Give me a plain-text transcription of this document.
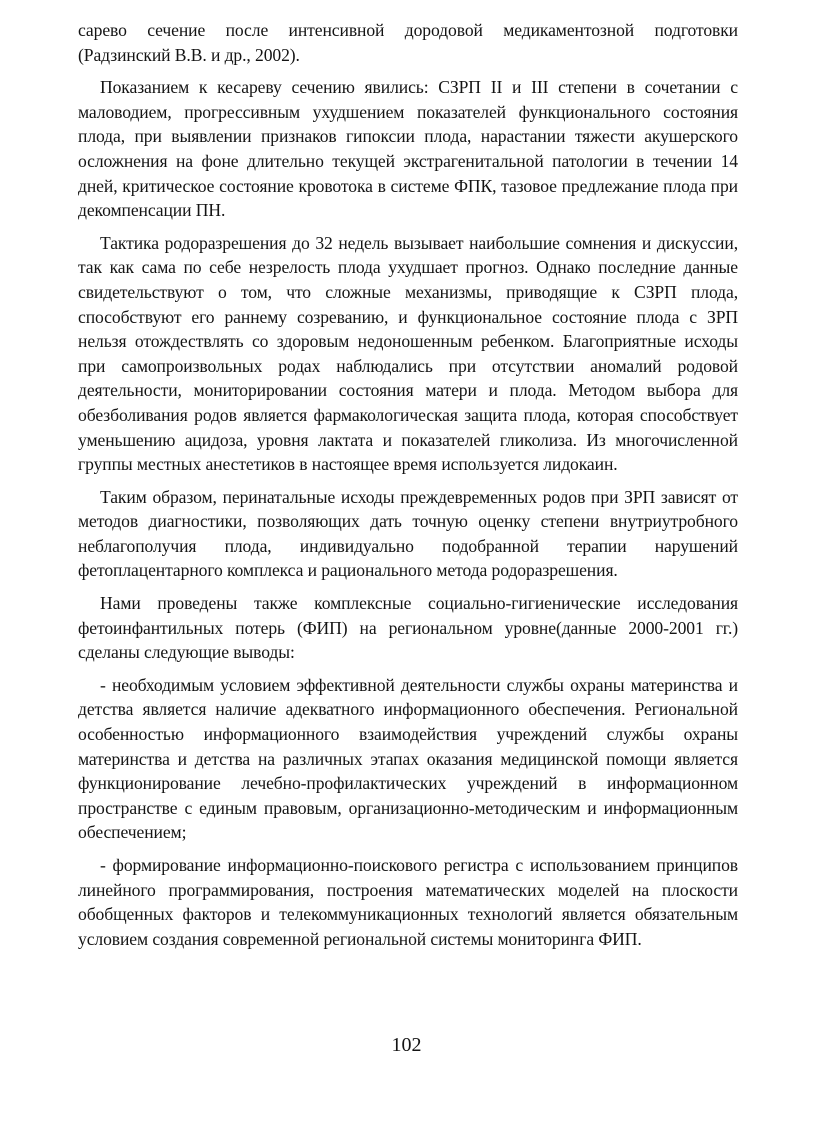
сарево сечение после интенсивной дородовой медикаментозной подготовки (Радзинский В.В. и др., 2002).

Показанием к кесареву сечению явились: СЗРП II и III степени в сочетании с маловодием, прогрессивным ухудшением показателей функционального состояния плода, при выявлении признаков гипоксии плода, нарастании тяжести акушерского осложнения на фоне длительно текущей экстрагенитальной патологии в течении 14 дней, критическое состояние кровотока в системе ФПК, тазовое предлежание плода при декомпенсации ПН.

Тактика родоразрешения до 32 недель вызывает наибольшие сомнения и дискуссии, так как сама по себе незрелость плода ухудшает прогноз. Однако последние данные свидетельствуют о том, что сложные механизмы, приводящие к СЗРП плода, способствуют его раннему созреванию, и функциональное состояние плода с ЗРП нельзя отождествлять со здоровым недоношенным ребенком. Благоприятные исходы при самопроизвольных родах наблюдались при отсутствии аномалий родовой деятельности, мониторировании состояния матери и плода. Методом выбора для обезболивания родов является фармакологическая защита плода, которая способствует уменьшению ацидоза, уровня лактата и показателей гликолиза. Из многочисленной группы местных анестетиков в настоящее время используется лидокаин.

Таким образом, перинатальные исходы преждевременных родов при ЗРП зависят от методов диагностики, позволяющих дать точную оценку степени внутриутробного неблагополучия плода, индивидуально подобранной терапии нарушений фетоплацентарного комплекса и рационального метода родоразрешения.

Нами проведены также комплексные социально-гигиенические исследования фетоинфантильных потерь (ФИП) на региональном уровне(данные 2000-2001 гг.) сделаны следующие выводы:

- необходимым условием эффективной деятельности службы охраны материнства и детства является наличие адекватного информационного обеспечения. Региональной особенностью информационного взаимодействия учреждений службы охраны материнства и детства на различных этапах оказания медицинской помощи является функционирование лечебно-профилактических учреждений в информационном пространстве с единым правовым, организационно-методическим и информационным обеспечением;

- формирование информационно-поискового регистра с использованием принципов линейного программирования, построения математических моделей на плоскости обобщенных факторов и телекоммуникационных технологий является обязательным условием создания современной региональной системы мониторинга ФИП.

102
